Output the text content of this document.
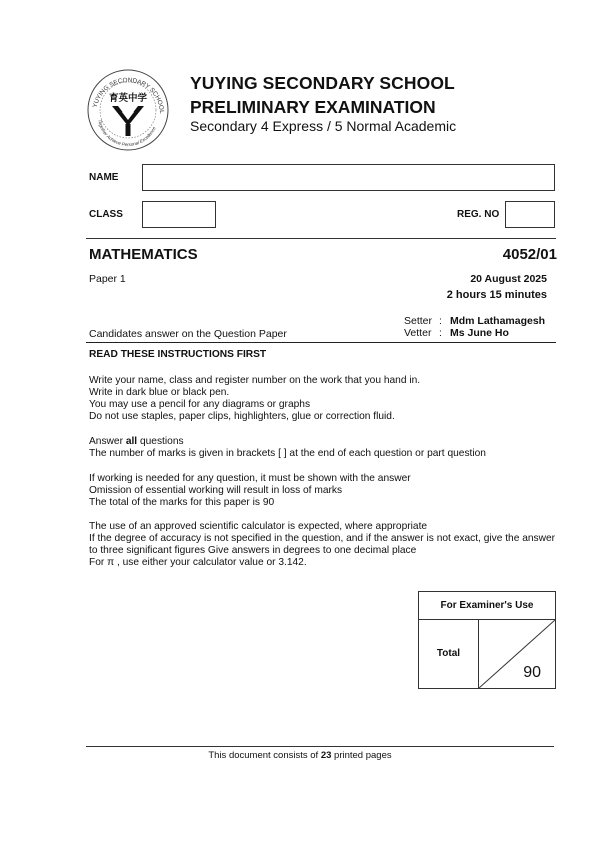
YUYING SECONDARY SCHOOL
Together Achieve Personal Excellence
育英中学
YUYING SECONDARY SCHOOL
PRELIMINARY EXAMINATION
Secondary 4 Express / 5 Normal Academic
NAME
CLASS	REG. NO
MATHEMATICS	4052/01
Paper 1	20 August 2025
2 hours 15 minutes
Setter : Mdm Lathamagesh
Candidates answer on the Question Paper	Vetter : Ms June Ho
READ THESE INSTRUCTIONS FIRST

Write your name, class and register number on the work that you hand in.

Write in dark blue or black pen.

You may use a pencil for any diagrams or graphs

Do not use staples, paper clips, highlighters, glue or correction fluid.

Answer all questions

The number of marks is given in brackets [ ] at the end of each question or part question

If working is needed for any question, it must be shown with the answer

Omission of essential working will result in loss of marks

The total of the marks for this paper is 90

The use of an approved scientific calculator is expected, where appropriate

If the degree of accuracy is not specified in the question, and if the answer is not exact, give the answer to three significant figures Give answers in degrees to one decimal place

For π , use either your calculator value or 3.142.

For Examiner's Use
Total
90
This document consists of 23 printed pages
